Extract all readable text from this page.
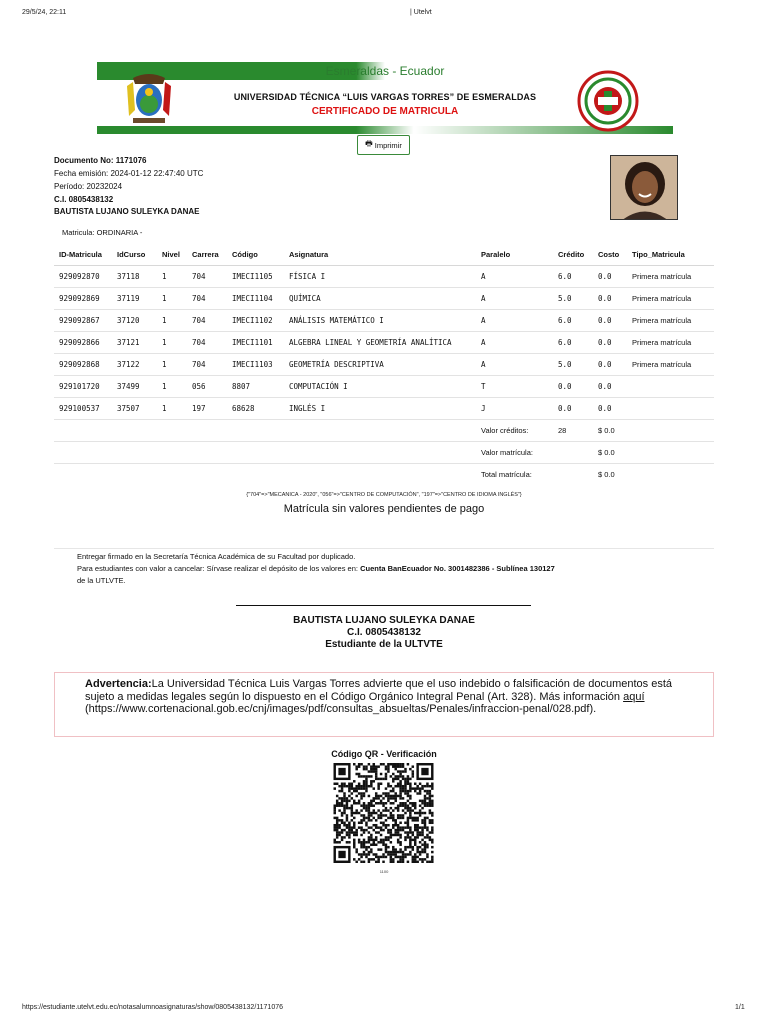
29/5/24, 22:11	| Utelvt
Esmeraldas - Ecuador
UNIVERSIDAD TÉCNICA “LUIS VARGAS TORRES” DE ESMERALDAS
CERTIFICADO DE MATRICULA
🖶 Imprimir
Documento No: 1171076
Fecha emisión: 2024-01-12 22:47:40 UTC
Período: 20232024
C.I. 0805438132
BAUTISTA LUJANO SULEYKA DANAE
Matricula: ORDINARIA -
ID-Matricula	IdCurso	Nivel	Carrera	Código	Asignatura	Paralelo	Crédito	Costo	Tipo_Matricula
929092870	37118	1	704	IMECI1105	FÍSICA I	A	6.0	0.0	Primera matrícula
929092869	37119	1	704	IMECI1104	QUÍMICA	A	5.0	0.0	Primera matrícula
929092867	37120	1	704	IMECI1102	ANÁLISIS MATEMÁTICO I	A	6.0	0.0	Primera matrícula
929092866	37121	1	704	IMECI1101	ALGEBRA LINEAL Y GEOMETRÍA ANALÍTICA	A	6.0	0.0	Primera matrícula
929092868	37122	1	704	IMECI1103	GEOMETRÍA DESCRIPTIVA	A	5.0	0.0	Primera matrícula
929101720	37499	1	056	8807	COMPUTACIÓN I	T	0.0	0.0	
929100537	37507	1	197	68628	INGLÉS I	J	0.0	0.0	
						Valor créditos:	28	$ 0.0	
						Valor matrícula:		$ 0.0	
						Total matrícula:		$ 0.0	
{"704"=>"MECANICA - 2020", "056"=>"CENTRO DE COMPUTACIÓN", "197"=>"CENTRO DE IDIOMA INGLÉS"}
Matrícula sin valores pendientes de pago
Entregar firmado en la Secretaría Técnica Académica de su Facultad por duplicado.
Para estudiantes con valor a cancelar: Sírvase realizar el depósito de los valores en: Cuenta BanEcuador No. 3001482386 - Sublínea 130127
de la UTLVTE.
BAUTISTA LUJANO SULEYKA DANAE
C.I. 0805438132
Estudiante de la ULTVTE
Advertencia:La Universidad Técnica Luis Vargas Torres advierte que el uso indebido o falsificación de documentos está sujeto a medidas legales según lo dispuesto en el Código Orgánico Integral Penal (Art. 328). Más información aquí (https://www.cortenacional.gob.ec/cnj/images/pdf/consultas_absueltas/Penales/infraccion-penal/028.pdf).
Código QR - Verificación
1100
https://estudiante.utelvt.edu.ec/notasalumnoasignaturas/show/0805438132/1171076	1/1
